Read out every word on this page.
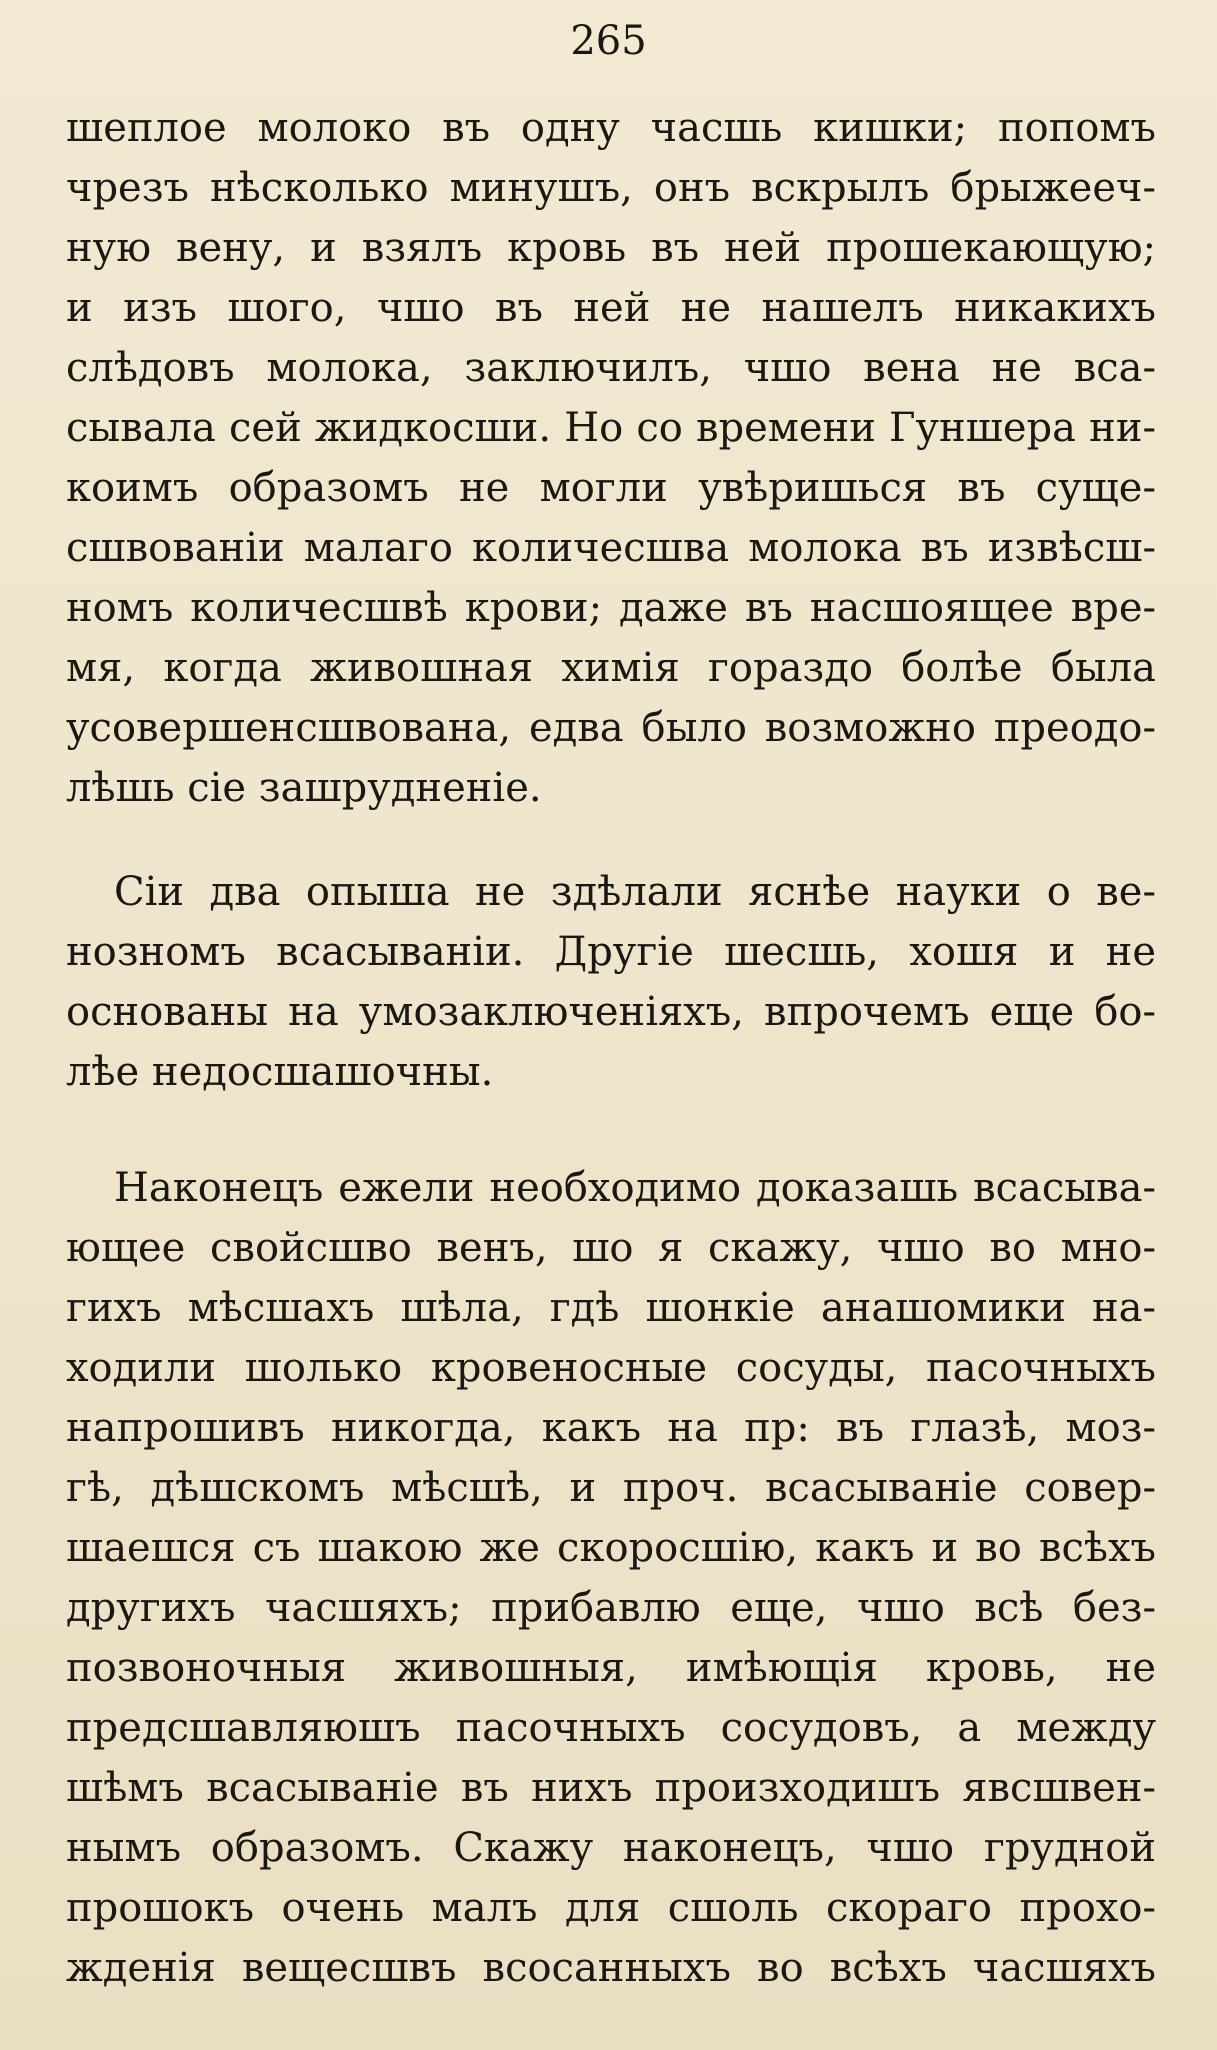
265
шеплое молоко въ одну часшь кишки; попомъ
чрезъ нѣсколько минушъ, онъ вскрылъ брыжееч-
ную вену, и взялъ кровь въ ней прошекающую;
и изъ шого, чшо въ ней не нашелъ никакихъ
слѣдовъ молока, заключилъ, чшо вена не вса-
сывала сей жидкосши. Но со времени Гуншера ни-
коимъ образомъ не могли увѣришься въ суще-
сшвованіи малаго количесшва молока въ извѣсш-
номъ количесшвѣ крови; даже въ насшоящее вре-
мя, когда живошная химія гораздо болѣе была
усовершенсшвована, едва было возможно преодо-
лѣшь сіе зашрудненіе.
Сіи два опыша не здѣлали яснѣе науки о ве-
нозномъ всасываніи. Другіе шесшь, хошя и не
основаны на умозаключеніяхъ, впрочемъ еще бо-
лѣе недосшашочны.
Наконецъ ежели необходимо доказашь всасыва-
ющее свойсшво венъ, шо я скажу, чшо во мно-
гихъ мѣсшахъ шѣла, гдѣ шонкіе анашомики на-
ходили шолько кровеносные сосуды, пасочныхъ
напрошивъ никогда, какъ на пр: въ глазѣ, моз-
гѣ, дѣшскомъ мѣсшѣ, и проч. всасываніе совер-
шаешся съ шакою же скоросшію, какъ и во всѣхъ
другихъ часшяхъ; прибавлю еще, чшо всѣ без-
позвоночныя живошныя, имѣющія кровь, не
предсшавляюшъ пасочныхъ сосудовъ, а между
шѣмъ всасываніе въ нихъ произходишъ явсшвен-
нымъ образомъ. Скажу наконецъ, чшо грудной
прошокъ очень малъ для сшоль скораго прохо-
жденія вещесшвъ всосанныхъ во всѣхъ часшяхъ
